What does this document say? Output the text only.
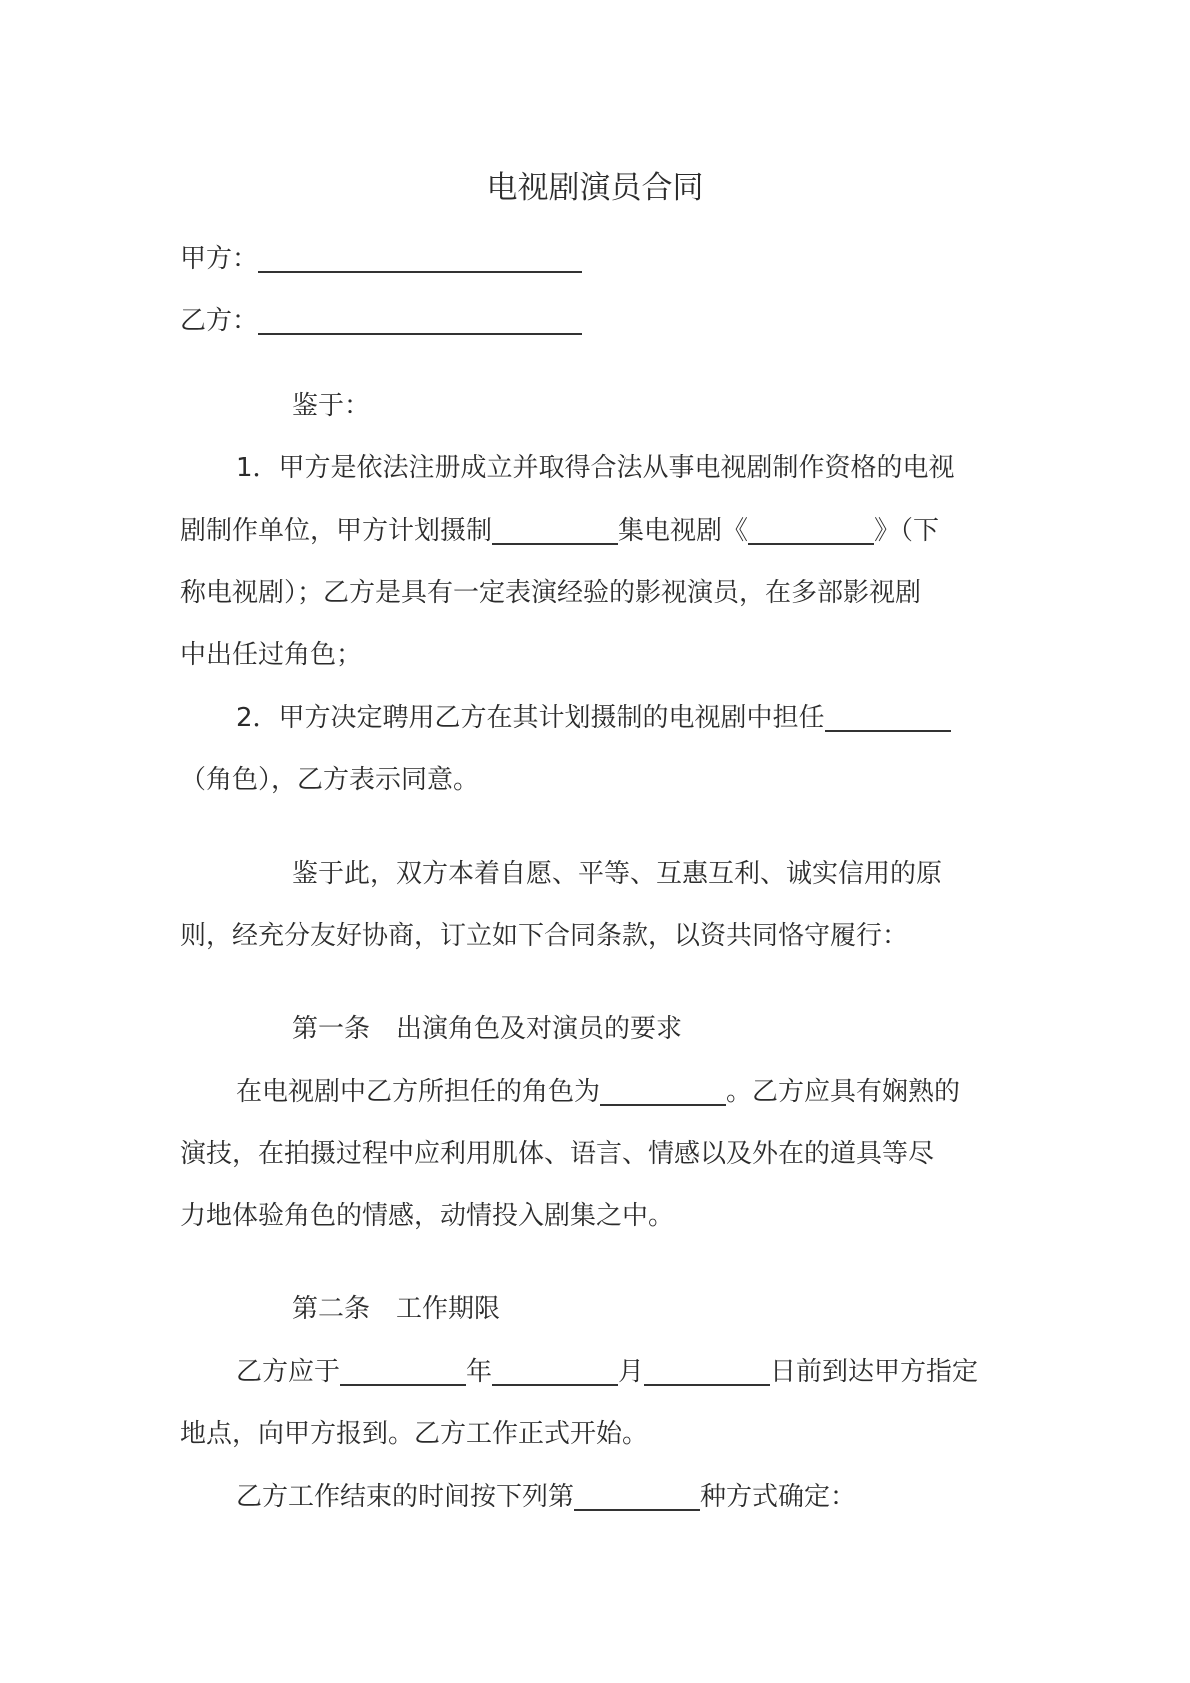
电视剧演员合同
甲方：
乙方：
鉴于：
1．甲方是依法注册成立并取得合法从事电视剧制作资格的电视
剧制作单位，甲方计划摄制	集电视剧《	》（下
称电视剧）；乙方是具有一定表演经验的影视演员，在多部影视剧
中出任过角色；
2．甲方决定聘用乙方在其计划摄制的电视剧中担任
（角色），乙方表示同意。
鉴于此，双方本着自愿、平等、互惠互利、诚实信用的原
则，经充分友好协商，订立如下合同条款，以资共同恪守履行：
第一条　出演角色及对演员的要求
在电视剧中乙方所担任的角色为	。乙方应具有娴熟的
演技，在拍摄过程中应利用肌体、语言、情感以及外在的道具等尽
力地体验角色的情感，动情投入剧集之中。
第二条　工作期限
乙方应于	年	月	日前到达甲方指定
地点，向甲方报到。乙方工作正式开始。
乙方工作结束的时间按下列第	种方式确定：
